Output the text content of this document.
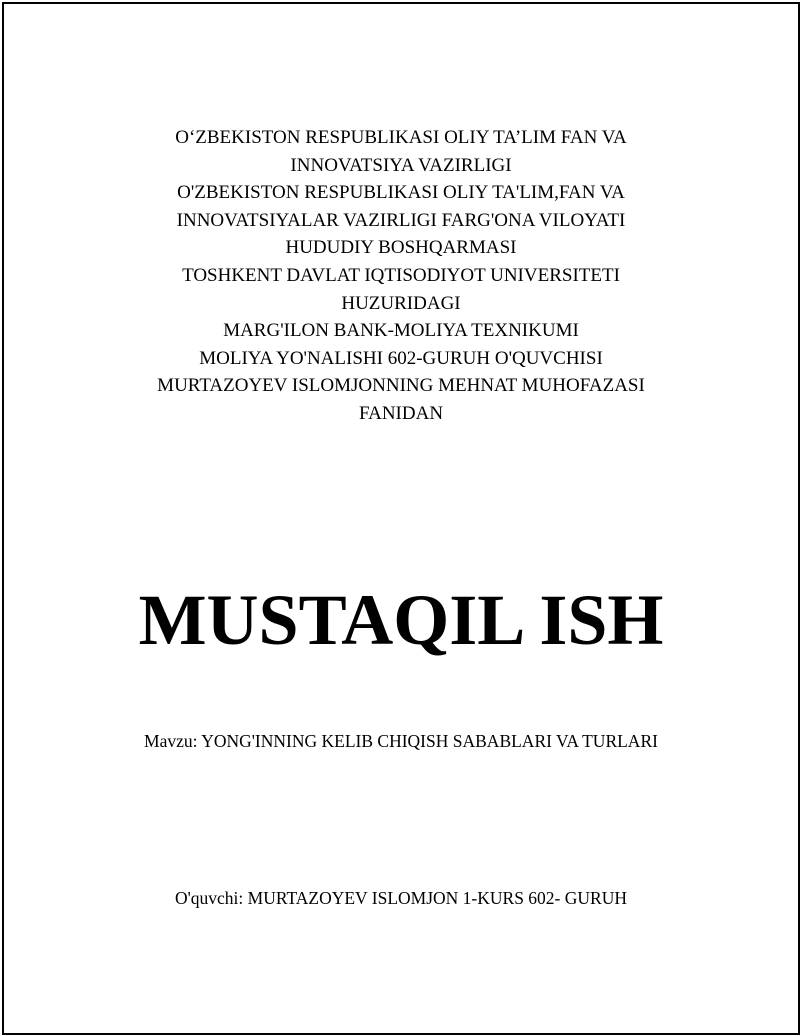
O‘ZBEKISTON RESPUBLIKASI OLIY TA’LIM FAN VA
INNOVATSIYA VAZIRLIGI
O'ZBEKISTON RESPUBLIKASI OLIY TA'LIM,FAN VA
INNOVATSIYALAR VAZIRLIGI FARG'ONA VILOYATI
HUDUDIY BOSHQARMASI
TOSHKENT DAVLAT IQTISODIYOT UNIVERSITETI
HUZURIDAGI
MARG'ILON BANK-MOLIYA TEXNIKUMI
MOLIYA YO'NALISHI 602-GURUH O'QUVCHISI
MURTAZOYEV ISLOMJONNING MEHNAT MUHOFAZASI
FANIDAN
MUSTAQIL ISH
Mavzu: YONG'INNING KELIB CHIQISH SABABLARI VA TURLARI
O'quvchi: MURTAZOYEV ISLOMJON 1-KURS 602- GURUH
